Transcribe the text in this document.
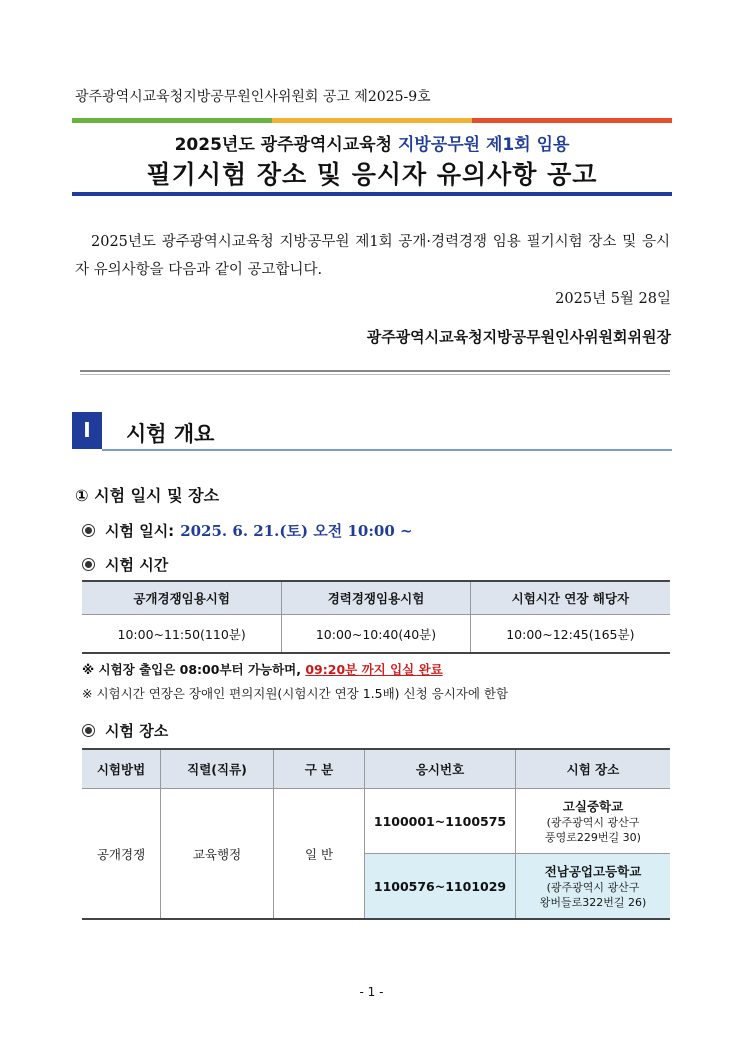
광주광역시교육청지방공무원인사위원회 공고 제2025-9호
2025년도 광주광역시교육청 지방공무원 제1회 임용
필기시험 장소 및 응시자 유의사항 공고
2025년도 광주광역시교육청 지방공무원 제1회 공개·경력경쟁 임용 필기시험 장소 및 응시자 유의사항을 다음과 같이 공고합니다.
2025년 5월 28일
광주광역시교육청지방공무원인사위원회위원장
Ⅰ	시험 개요
① 시험 일시 및 장소
시험 일시: 2025. 6. 21.(토) 오전 10:00 ~
시험 시간
공개경쟁임용시험	경력경쟁임용시험	시험시간 연장 해당자
10:00~11:50(110분)	10:00~10:40(40분)	10:00~12:45(165분)
※ 시험장 출입은 08:00부터 가능하며, 09:20분 까지 입실 완료
※ 시험시간 연장은 장애인 편의지원(시험시간 연장 1.5배) 신청 응시자에 한함
시험 장소
시험방법	직렬(직류)	구 분	응시번호	시험 장소
공개경쟁	교육행정	일 반	1100001~1100575	고실중학교
(광주광역시 광산구
풍영로229번길 30)

			1100576~1101029	전남공업고등학교
(광주광역시 광산구
왕버들로322번길 26)
- 1 -
